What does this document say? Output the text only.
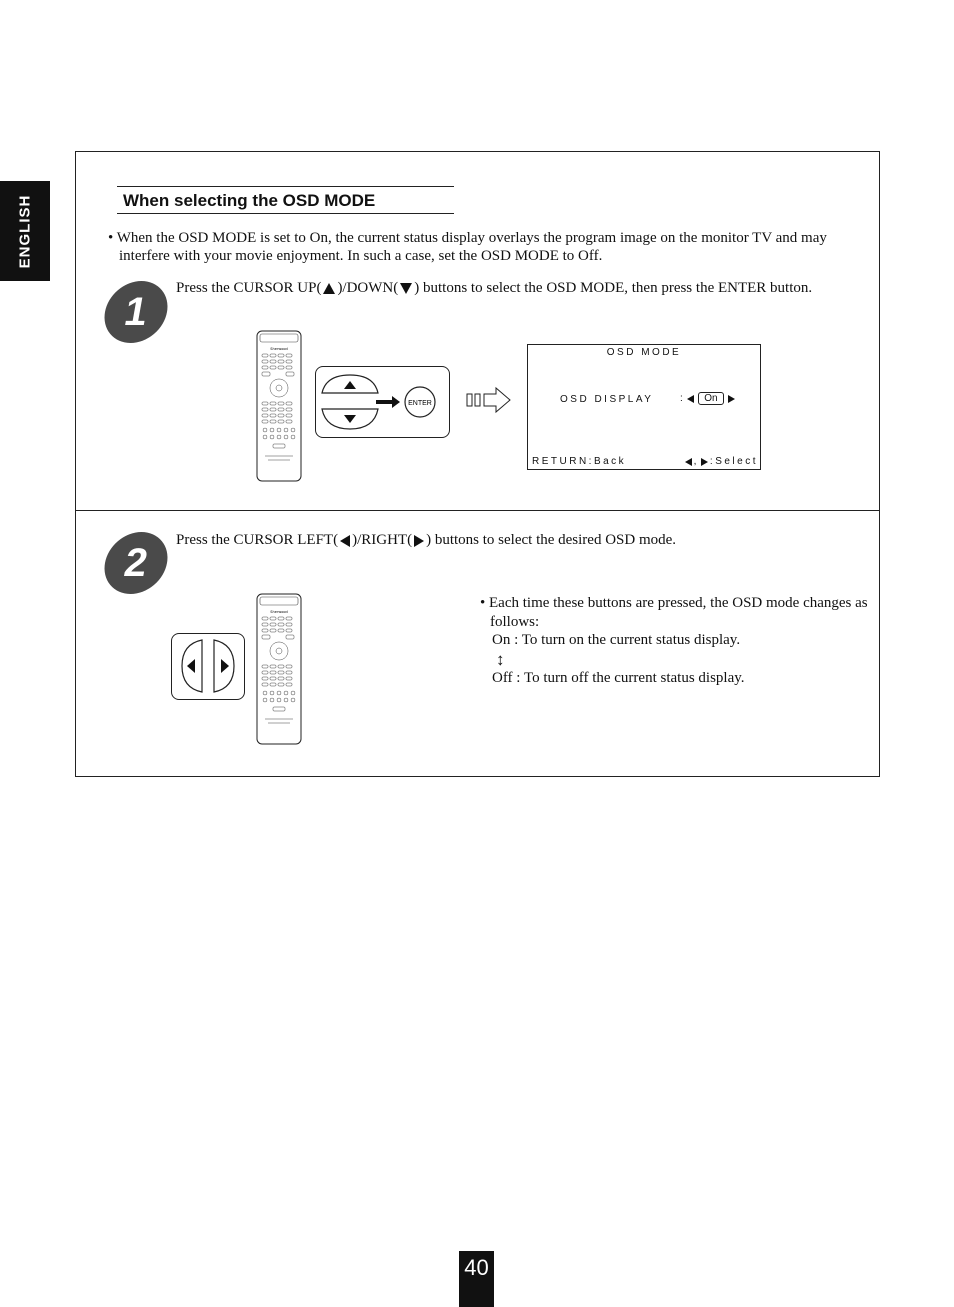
ENGLISH	When selecting the OSD MODE
• When the OSD MODE is set to On, the current status display overlays the program image on the monitor TV and may interfere with your movie enjoyment. In such a case, set the OSD MODE to Off.
1
Press the CURSOR UP( )/DOWN( ) buttons to select the OSD MODE, then press the ENTER button.
Sherwood
ENTER
OSD MODE
OSD DISPLAY	:	On
RETURN:Back	, :Select
2
Press the CURSOR LEFT( )/RIGHT( ) buttons to select the desired OSD mode.
Sherwood
• Each time these buttons are pressed, the OSD mode changes as follows:
On : To turn on the current status display.
↕
Off : To turn off the current status display.
40
